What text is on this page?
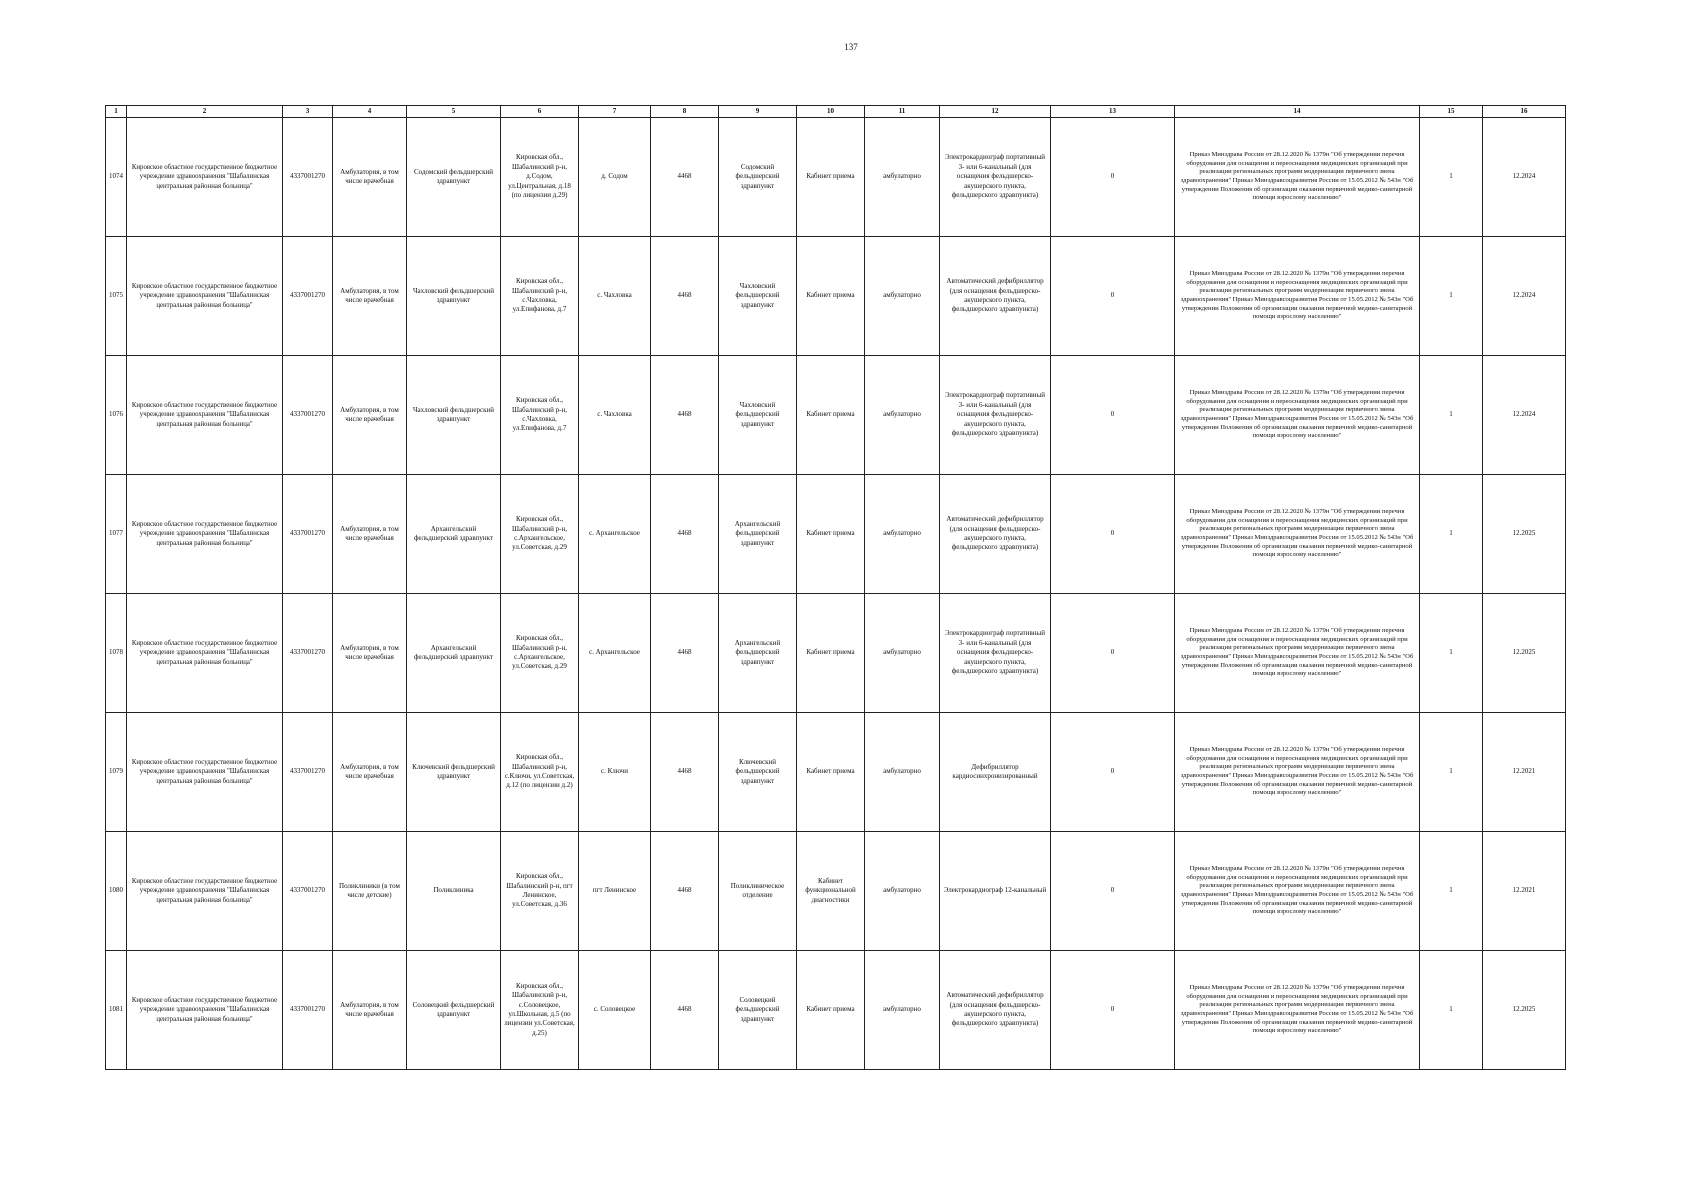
137
1	2	3	4	5	6	7	8	9	10	11	12	13	14	15	16
1074	Кировское областное государственное бюджетное учреждение здравоохранения "Шабалинская центральная районная больница"	4337001270	Амбулатория, в том числе врачебная	Содомский фельдшерский здравпункт	Кировская обл., Шабалинский р-н, д.Содом, ул.Центральная, д.18 (по лицензии д.29)	д. Содом	4468	Содомский фельдшерский здравпункт	Кабинет приема	амбулаторно	Электрокардиограф портативный 3- или 6-канальный (для оснащения фельдшерско-акушерского пункта, фельдшерского здравпункта)	0	Приказ Минздрава России от 28.12.2020 № 1379н "Об утверждении перечня оборудования для оснащения и переоснащения медицинских организаций при реализации региональных программ модернизации первичного звена здравоохранения" Приказ Минздравсоцразвития России от 15.05.2012 № 543н "Об утверждении Положения об организации оказания первичной медико-санитарной помощи взрослому населению"	1	12.2024
1075	Кировское областное государственное бюджетное учреждение здравоохранения "Шабалинская центральная районная больница"	4337001270	Амбулатория, в том числе врачебная	Чахловский фельдшерский здравпункт	Кировская обл., Шабалинский р-н, с.Чахловка, ул.Епифанова, д.7	с. Чахловка	4468	Чахловский фельдшерский здравпункт	Кабинет приема	амбулаторно	Автоматический дефибриллятор (для оснащения фельдшерско-акушерского пункта, фельдшерского здравпункта)	0	Приказ Минздрава России от 28.12.2020 № 1379н "Об утверждении перечня оборудования для оснащения и переоснащения медицинских организаций при реализации региональных программ модернизации первичного звена здравоохранения" Приказ Минздравсоцразвития России от 15.05.2012 № 543н "Об утверждении Положения об организации оказания первичной медико-санитарной помощи взрослому населению"	1	12.2024
1076	Кировское областное государственное бюджетное учреждение здравоохранения "Шабалинская центральная районная больница"	4337001270	Амбулатория, в том числе врачебная	Чахловский фельдшерский здравпункт	Кировская обл., Шабалинский р-н, с.Чахловка, ул.Епифанова, д.7	с. Чахловка	4468	Чахловский фельдшерский здравпункт	Кабинет приема	амбулаторно	Электрокардиограф портативный 3- или 6-канальный (для оснащения фельдшерско-акушерского пункта, фельдшерского здравпункта)	0	Приказ Минздрава России от 28.12.2020 № 1379н "Об утверждении перечня оборудования для оснащения и переоснащения медицинских организаций при реализации региональных программ модернизации первичного звена здравоохранения" Приказ Минздравсоцразвития России от 15.05.2012 № 543н "Об утверждении Положения об организации оказания первичной медико-санитарной помощи взрослому населению"	1	12.2024
1077	Кировское областное государственное бюджетное учреждение здравоохранения "Шабалинская центральная районная больница"	4337001270	Амбулатория, в том числе врачебная	Архангельский фельдшерский здравпункт	Кировская обл., Шабалинский р-н, с.Архангельское, ул.Советская, д.29	с. Архангельское	4468	Архангельский фельдшерский здравпункт	Кабинет приема	амбулаторно	Автоматический дефибриллятор (для оснащения фельдшерско-акушерского пункта, фельдшерского здравпункта)	0	Приказ Минздрава России от 28.12.2020 № 1379н "Об утверждении перечня оборудования для оснащения и переоснащения медицинских организаций при реализации региональных программ модернизации первичного звена здравоохранения" Приказ Минздравсоцразвития России от 15.05.2012 № 543н "Об утверждении Положения об организации оказания первичной медико-санитарной помощи взрослому населению"	1	12.2025
1078	Кировское областное государственное бюджетное учреждение здравоохранения "Шабалинская центральная районная больница"	4337001270	Амбулатория, в том числе врачебная	Архангельский фельдшерский здравпункт	Кировская обл., Шабалинский р-н, с.Архангельское, ул.Советская, д.29	с. Архангельское	4468	Архангельский фельдшерский здравпункт	Кабинет приема	амбулаторно	Электрокардиограф портативный 3- или 6-канальный (для оснащения фельдшерско-акушерского пункта, фельдшерского здравпункта)	0	Приказ Минздрава России от 28.12.2020 № 1379н "Об утверждении перечня оборудования для оснащения и переоснащения медицинских организаций при реализации региональных программ модернизации первичного звена здравоохранения" Приказ Минздравсоцразвития России от 15.05.2012 № 543н "Об утверждении Положения об организации оказания первичной медико-санитарной помощи взрослому населению"	1	12.2025
1079	Кировское областное государственное бюджетное учреждение здравоохранения "Шабалинская центральная районная больница"	4337001270	Амбулатория, в том числе врачебная	Ключевский фельдшерский здравпункт	Кировская обл., Шабалинский р-н, с.Ключи, ул.Советская, д.12 (по лицензии д.2)	с. Ключи	4468	Ключевский фельдшерский здравпункт	Кабинет приема	амбулаторно	Дефибриллятор кардиосинхронизированный	0	Приказ Минздрава России от 28.12.2020 № 1379н "Об утверждении перечня оборудования для оснащения и переоснащения медицинских организаций при реализации региональных программ модернизации первичного звена здравоохранения" Приказ Минздравсоцразвития России от 15.05.2012 № 543н "Об утверждении Положения об организации оказания первичной медико-санитарной помощи взрослому населению"	1	12.2021
1080	Кировское областное государственное бюджетное учреждение здравоохранения "Шабалинская центральная районная больница"	4337001270	Поликлиники (в том числе детские)	Поликлиника	Кировская обл., Шабалинский р-н, пгт Ленинское, ул.Советская, д.36	пгт Ленинское	4468	Поликлиническое отделение	Кабинет функциональной диагностики	амбулаторно	Электрокардиограф 12-канальный	0	Приказ Минздрава России от 28.12.2020 № 1379н "Об утверждении перечня оборудования для оснащения и переоснащения медицинских организаций при реализации региональных программ модернизации первичного звена здравоохранения" Приказ Минздравсоцразвития России от 15.05.2012 № 543н "Об утверждении Положения об организации оказания первичной медико-санитарной помощи взрослому населению"	1	12.2021
1081	Кировское областное государственное бюджетное учреждение здравоохранения "Шабалинская центральная районная больница"	4337001270	Амбулатория, в том числе врачебная	Соловецкий фельдшерский здравпункт	Кировская обл., Шабалинский р-н, с.Соловецкое, ул.Школьная, д.5 (по лицензии ул.Советская, д.25)	с. Соловецкое	4468	Соловецкий фельдшерский здравпункт	Кабинет приема	амбулаторно	Автоматический дефибриллятор (для оснащения фельдшерско-акушерского пункта, фельдшерского здравпункта)	0	Приказ Минздрава России от 28.12.2020 № 1379н "Об утверждении перечня оборудования для оснащения и переоснащения медицинских организаций при реализации региональных программ модернизации первичного звена здравоохранения" Приказ Минздравсоцразвития России от 15.05.2012 № 543н "Об утверждении Положения об организации оказания первичной медико-санитарной помощи взрослому населению"	1	12.2025
